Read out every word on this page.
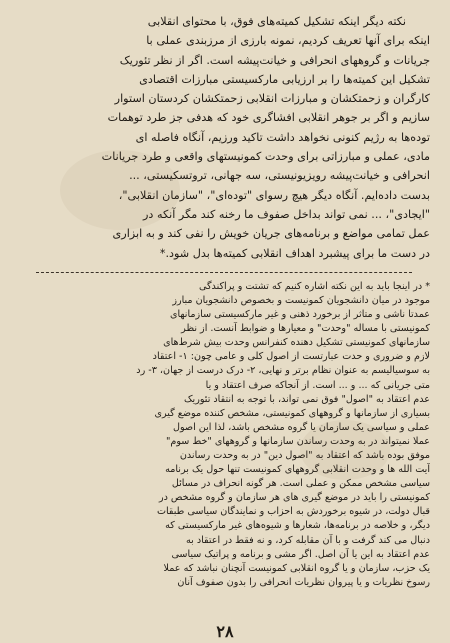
نکته دیگر اینکه تشکیل کمیته‌های فوق، با محتوای انقلابی

اینکه برای آنها تعریف کردیم، نمونه بارزی از مرزبندی عملی با

جریانات و گروههای انحرافی و خیانت‌پیشه است. اگر از نظر تئوریک

تشکیل این کمیته‌ها را بر ارزیابی مارکسیستی مبارزات اقتصادی

کارگران و زحمتکشان و مبارزات انقلابی زحمتکشان کردستان استوار

سازیم و اگر بر جوهر انقلابی افشاگری خود که هدفی جز طرد توهمات

توده‌ها به رژیم کنونی نخواهد داشت تاکید ورزیم، آنگاه فاصله ای

مادی، عملی و مبارزاتی برای وحدت کمونیستهای واقعی و طرد جریانات

انحرافی و خیانت‌پیشه رویزیونیستی، سه جهانی، تروتسکیستی، ...

بدست داده‌ایم. آنگاه دیگر هیچ رسوای "توده‌ای"، "سازمان انقلابی"،

"ایجادی"، ... نمی تواند بداخل صفوف ما رخنه کند مگر آنکه در

عمل تمامی مواضع و برنامه‌های جریان خویش را نفی کند و به ابزاری

در دست ما برای پیشبرد اهداف انقلابی کمیته‌ها بدل شود.*

* در اینجا باید به این نکته اشاره کنیم که تشتت و پراکندگی

موجود در میان دانشجویان کمونیست و بخصوص دانشجویان مبارز

عمدتا ناشی و متاثر از برخورد ذهنی و غیر مارکسیستی سازمانهای

کمونیستی با مساله "وحدت" و معیارها و ضوابط آنست. از نظر

سازمانهای کمونیستی تشکیل دهنده کنفرانس وحدت بیش شرط‌های

لازم و ضروری و حدت عبارتست از اصول کلی و عامی چون: ۱- اعتقاد

به سوسیالیسم به عنوان نظام برتر و نهایی، ۲- درک درست از جهان، ۳- رد

متی جریانی که ... و ... است. از آنجاکه صرف اعتقاد و یا

عدم اعتقاد به "اصول" فوق نمی تواند، با توجه به انتقاد تئوریک

بسیاری از سازمانها و گروههای کمونیستی، مشخص کننده موضع گیری

عملی و سیاسی یک سازمان یا گروه مشخص باشد، لذا این اصول

عملا نمیتواند در به وحدت رساندن سازمانها و گروههای "خط سوم"

موفق بوده باشد که اعتقاد به "اصول دین" در به وحدت رساندن

آیت الله ها و وحدت انقلابی گروههای کمونیست تنها حول یک برنامه

سیاسی مشخص ممکن و عملی است. هر گونه انحراف در مسائل

کمونیستی را باید در موضع گیری های هر سازمان و گروه مشخص در

قبال دولت، در شیوه برخوردش به احزاب و نمایندگان سیاسی طبقات

دیگر، و خلاصه در برنامه‌ها، شعارها و شیوه‌های غیر مارکسیستی که

دنبال می کند گرفت و با آن مقابله کرد، و نه فقط در اعتقاد به

عدم اعتقاد به این یا آن اصل. اگر مشی و برنامه و پراتیک سیاسی

یک حزب، سازمان و یا گروه انقلابی کمونیست آنچنان نباشد که عملا

رسوخ نظریات و یا پیروان نظریات انحرافی را بدون صفوف آنان

۲۸
